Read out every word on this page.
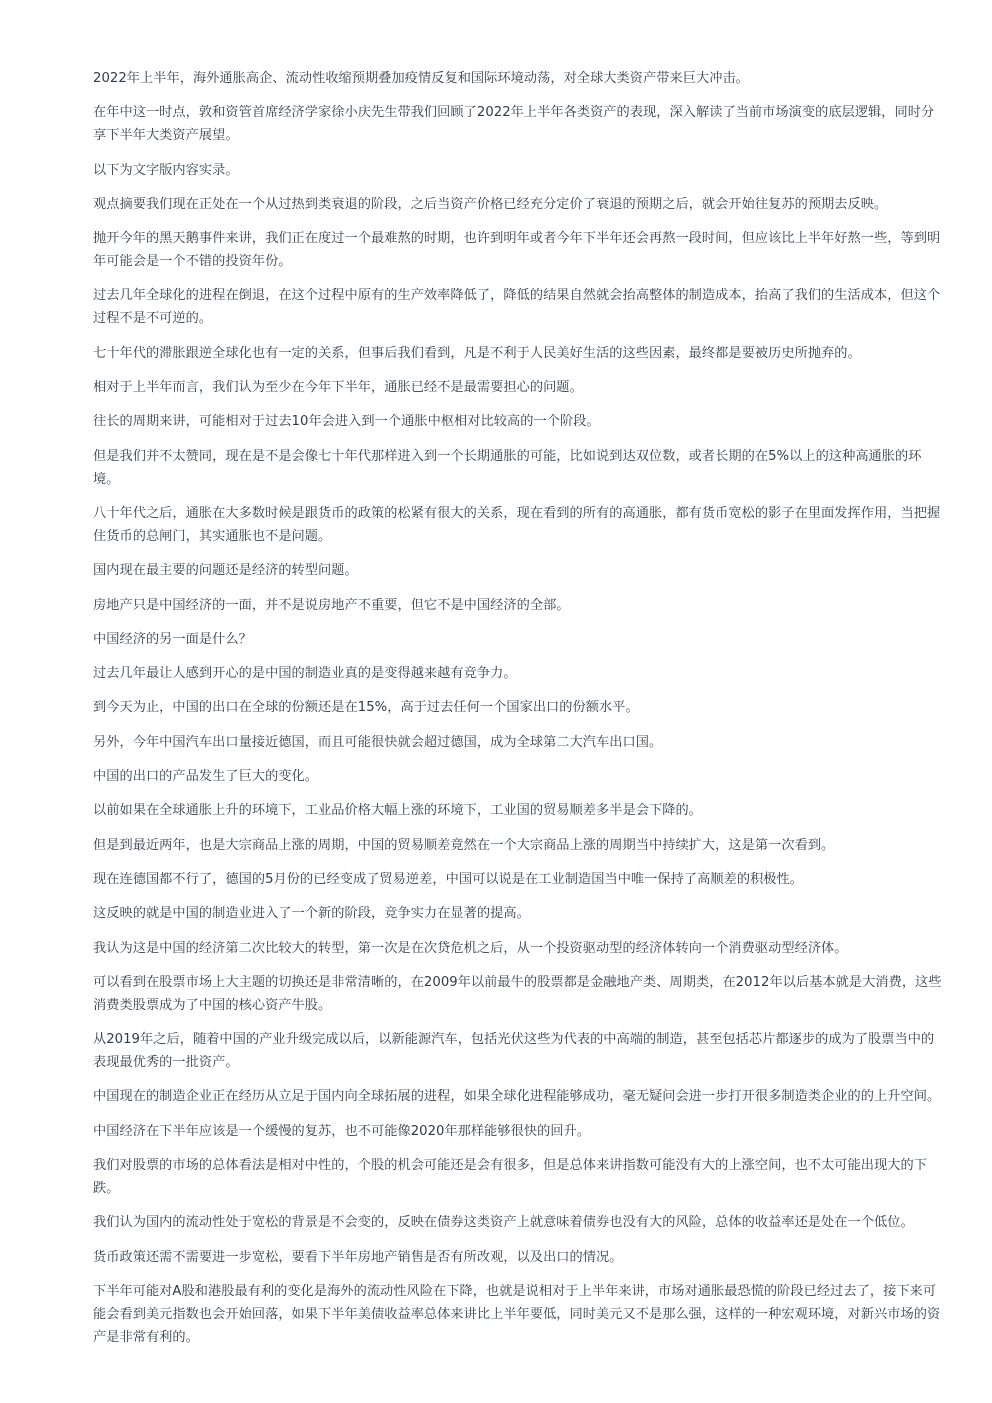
2022年上半年，海外通胀高企、流动性收缩预期叠加疫情反复和国际环境动荡，对全球大类资产带来巨大冲击。

在年中这一时点，敦和资管首席经济学家徐小庆先生带我们回顾了2022年上半年各类资产的表现，深入解读了当前市场演变的底层逻辑，同时分享下半年大类资产展望。

以下为文字版内容实录。

观点摘要我们现在正处在一个从过热到类衰退的阶段，之后当资产价格已经充分定价了衰退的预期之后，就会开始往复苏的预期去反映。

抛开今年的黑天鹅事件来讲，我们正在度过一个最难熬的时期，也许到明年或者今年下半年还会再熬一段时间，但应该比上半年好熬一些，等到明年可能会是一个不错的投资年份。

过去几年全球化的进程在倒退，在这个过程中原有的生产效率降低了，降低的结果自然就会抬高整体的制造成本，抬高了我们的生活成本，但这个过程不是不可逆的。

七十年代的滞胀跟逆全球化也有一定的关系，但事后我们看到，凡是不利于人民美好生活的这些因素，最终都是要被历史所抛弃的。

相对于上半年而言，我们认为至少在今年下半年，通胀已经不是最需要担心的问题。

往长的周期来讲，可能相对于过去10年会进入到一个通胀中枢相对比较高的一个阶段。

但是我们并不太赞同，现在是不是会像七十年代那样进入到一个长期通胀的可能，比如说到达双位数，或者长期的在5%以上的这种高通胀的环境。

八十年代之后，通胀在大多数时候是跟货币的政策的松紧有很大的关系，现在看到的所有的高通胀，都有货币宽松的影子在里面发挥作用，当把握住货币的总闸门，其实通胀也不是问题。

国内现在最主要的问题还是经济的转型问题。

房地产只是中国经济的一面，并不是说房地产不重要，但它不是中国经济的全部。

中国经济的另一面是什么？

过去几年最让人感到开心的是中国的制造业真的是变得越来越有竞争力。

到今天为止，中国的出口在全球的份额还是在15%，高于过去任何一个国家出口的份额水平。

另外，今年中国汽车出口量接近德国，而且可能很快就会超过德国，成为全球第二大汽车出口国。

中国的出口的产品发生了巨大的变化。

以前如果在全球通胀上升的环境下，工业品价格大幅上涨的环境下，工业国的贸易顺差多半是会下降的。

但是到最近两年，也是大宗商品上涨的周期，中国的贸易顺差竟然在一个大宗商品上涨的周期当中持续扩大，这是第一次看到。

现在连德国都不行了，德国的5月份的已经变成了贸易逆差，中国可以说是在工业制造国当中唯一保持了高顺差的积极性。

这反映的就是中国的制造业进入了一个新的阶段，竞争实力在显著的提高。

我认为这是中国的经济第二次比较大的转型，第一次是在次贷危机之后，从一个投资驱动型的经济体转向一个消费驱动型经济体。

可以看到在股票市场上大主题的切换还是非常清晰的，在2009年以前最牛的股票都是金融地产类、周期类，在2012年以后基本就是大消费，这些消费类股票成为了中国的核心资产牛股。

从2019年之后，随着中国的产业升级完成以后，以新能源汽车，包括光伏这些为代表的中高端的制造，甚至包括芯片都逐步的成为了股票当中的表现最优秀的一批资产。

中国现在的制造企业正在经历从立足于国内向全球拓展的进程，如果全球化进程能够成功，毫无疑问会进一步打开很多制造类企业的的上升空间。

中国经济在下半年应该是一个缓慢的复苏，也不可能像2020年那样能够很快的回升。

我们对股票的市场的总体看法是相对中性的，个股的机会可能还是会有很多，但是总体来讲指数可能没有大的上涨空间，也不太可能出现大的下跌。

我们认为国内的流动性处于宽松的背景是不会变的，反映在债券这类资产上就意味着债券也没有大的风险，总体的收益率还是处在一个低位。

货币政策还需不需要进一步宽松，要看下半年房地产销售是否有所改观，以及出口的情况。

下半年可能对A股和港股最有利的变化是海外的流动性风险在下降，也就是说相对于上半年来讲，市场对通胀最恐慌的阶段已经过去了，接下来可能会看到美元指数也会开始回落，如果下半年美债收益率总体来讲比上半年要低，同时美元又不是那么强，这样的一种宏观环境，对新兴市场的资产是非常有利的。
